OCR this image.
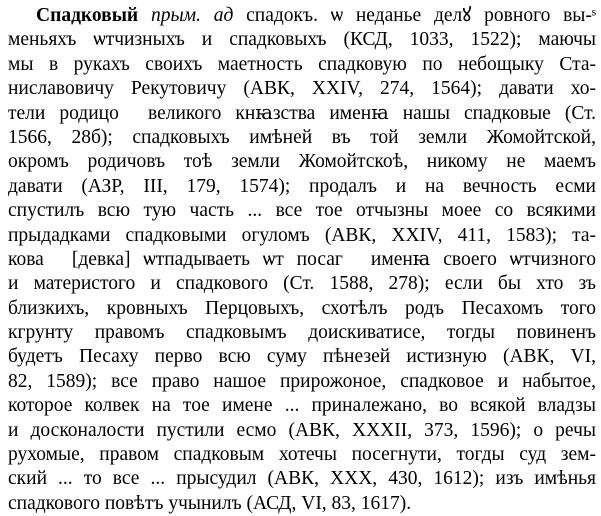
Спадковый прым. ад спадокъ. ѡ неданье делꙋ ровного вы-ˢ
меньяхъ ѡтчизныхъ и спадковыхъ (КСД, 1033, 1522); маючы
мы в рукахъ своихъ маетность спадковую по небощыку Ста-
ниславовичу Рекутовичу (АВК, XXIV, 274, 1564); давати хо-
тели родицоⷨ великого кнꙗзства именꙗ нашы спадковые (Ст.
1566, 28б); спадковыхъ имѣней въ той земли Жомойтской,
окромъ родичовъ тоѣ земли Жомойтскоѣ, никому не маемъ
давати (АЗР, III, 179, 1574); продалъ и на вечность есми
спустилъ всю тую часть ... все тое отчызны моее со всякими
прыдадками спадковыми огуломъ (АВК, XXIV, 411, 1583); та-
коваⷨ [девка] ѡтпадываеть ѡт посагꙋ именꙗ своего ѡтчизного
и материстого и спадкового (Ст. 1588, 278); если бы хто зъ
близкихъ, кровныхъ Перцовыхъ, схотѣлъ родъ Песахомъ того
кгрунту правомъ спадковымъ доискиватисе, тогды повиненъ
будетъ Песаху перво всю суму пѣнезей истизную (АВК, VI,
82, 1589); все право нашое прирожоное, спадковое и набытое,
которое колвек на тое имене ... приналежано, во всякой владзы
и досконалости пустили есмо (АВК, XXXII, 373, 1596); о речы
рухомые, правом спадковым хотечы посегнути, тогды суд зем-
ский ... то все ... прысудил (АВК, XXX, 430, 1612); изъ имѣнья
спадкового повѣтъ учынилъ (АСД, VI, 83, 1617).
